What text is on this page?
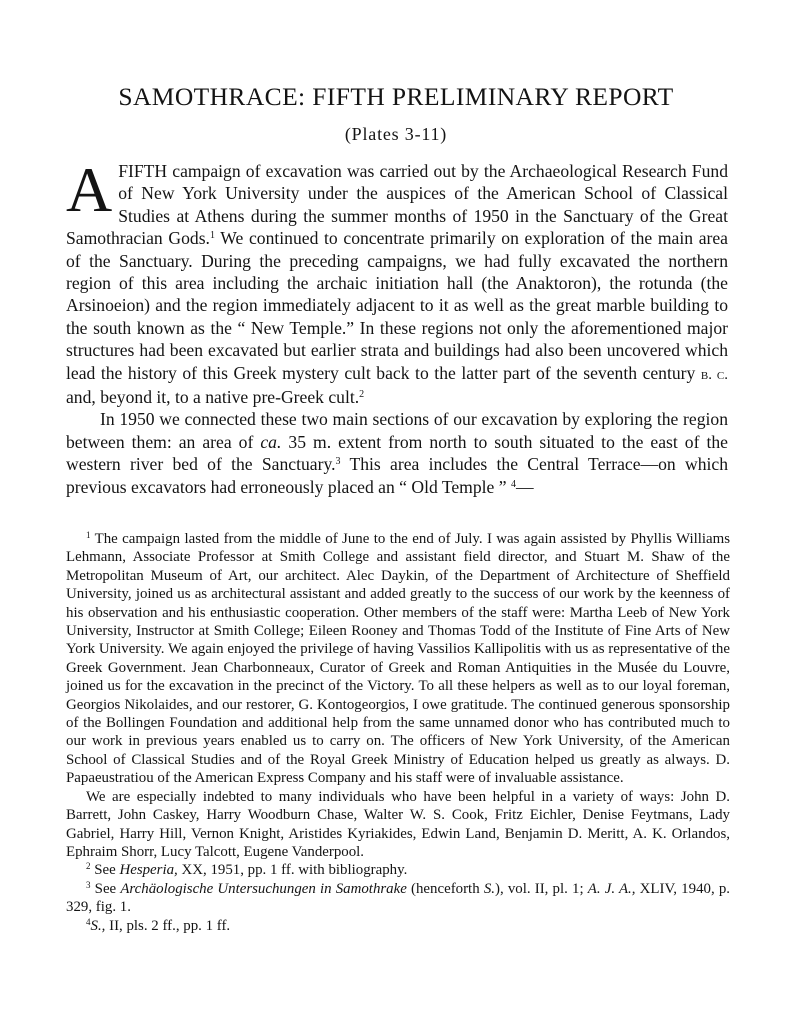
SAMOTHRACE: FIFTH PRELIMINARY REPORT
(Plates 3-11)

AFIFTH campaign of excavation was carried out by the Archaeological Research Fund of New York University under the auspices of the American School of Classical Studies at Athens during the summer months of 1950 in the Sanctuary of the Great Samothracian Gods.$^1$ We continued to concentrate primarily on exploration of the main area of the Sanctuary. During the preceding campaigns, we had fully excavated the northern region of this area including the archaic initiation hall (the Anaktoron), the rotunda (the Arsinoeion) and the region immediately adjacent to it as well as the great marble building to the south known as the “ New Temple.” In these regions not only the aforementioned major structures had been excavated but earlier strata and buildings had also been uncovered which lead the history of this Greek mystery cult back to the latter part of the seventh century b. c. and, beyond it, to a native pre-Greek cult.$^2$

In 1950 we connected these two main sections of our excavation by exploring the region between them: an area of ca. 35 m. extent from north to south situated to the east of the western river bed of the Sanctuary.$^3$ This area includes the Central Terrace—on which previous excavators had erroneously placed an “ Old Temple ” $^4$—

$^1$ The campaign lasted from the middle of June to the end of July. I was again assisted by Phyllis Williams Lehmann, Associate Professor at Smith College and assistant field director, and Stuart M. Shaw of the Metropolitan Museum of Art, our architect. Alec Daykin, of the Department of Architecture of Sheffield University, joined us as architectural assistant and added greatly to the success of our work by the keenness of his observation and his enthusiastic cooperation. Other members of the staff were: Martha Leeb of New York University, Instructor at Smith College; Eileen Rooney and Thomas Todd of the Institute of Fine Arts of New York University. We again enjoyed the privilege of having Vassilios Kallipolitis with us as representative of the Greek Government. Jean Charbonneaux, Curator of Greek and Roman Antiquities in the Musée du Louvre, joined us for the excavation in the precinct of the Victory. To all these helpers as well as to our loyal foreman, Georgios Nikolaides, and our restorer, G. Kontogeorgios, I owe gratitude. The continued generous sponsorship of the Bollingen Foundation and additional help from the same unnamed donor who has contributed much to our work in previous years enabled us to carry on. The officers of New York University, of the American School of Classical Studies and of the Royal Greek Ministry of Education helped us greatly as always. D. Papaeustratiou of the American Express Company and his staff were of invaluable assistance.

We are especially indebted to many individuals who have been helpful in a variety of ways: John D. Barrett, John Caskey, Harry Woodburn Chase, Walter W. S. Cook, Fritz Eichler, Denise Feytmans, Lady Gabriel, Harry Hill, Vernon Knight, Aristides Kyriakides, Edwin Land, Benjamin D. Meritt, A. K. Orlandos, Ephraim Shorr, Lucy Talcott, Eugene Vanderpool.

$^2$ See Hesperia, XX, 1951, pp. 1 ff. with bibliography.

$^3$ See Archäologische Untersuchungen in Samothrake (henceforth S.), vol. II, pl. 1; A. J. A., XLIV, 1940, p. 329, fig. 1.

$^4$S., II, pls. 2 ff., pp. 1 ff.
